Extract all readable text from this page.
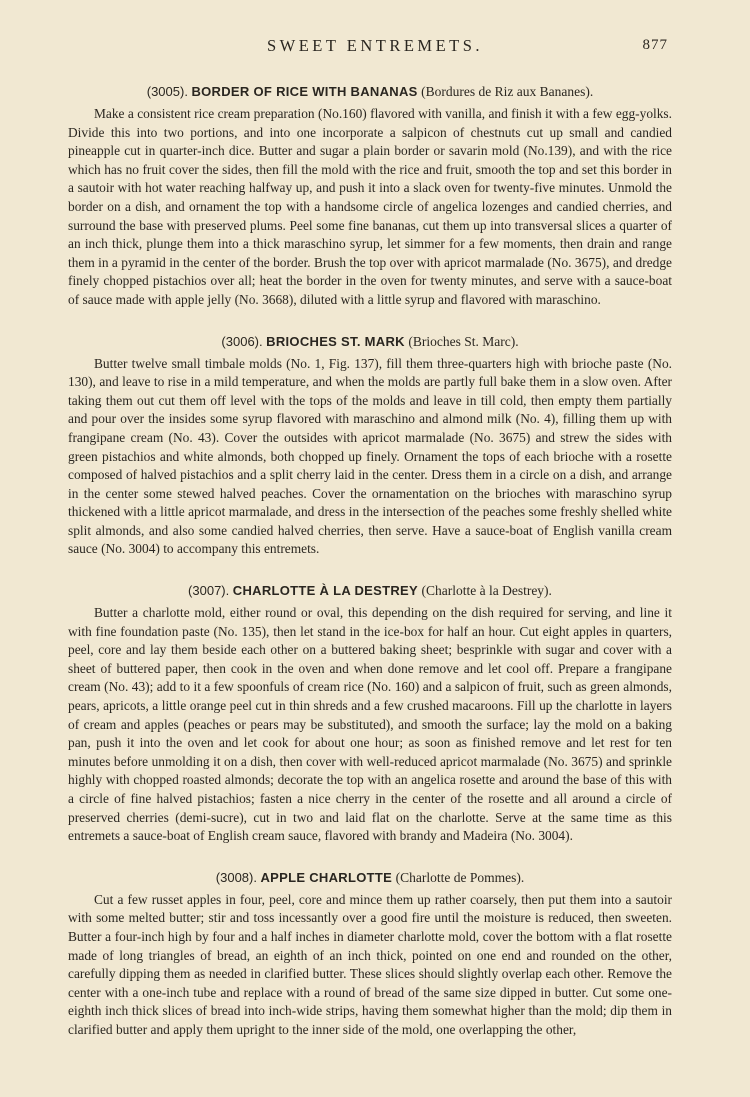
SWEET ENTREMETS.	877
(3005). BORDER OF RICE WITH BANANAS (Bordures de Riz aux Bananes).

Make a consistent rice cream preparation (No.160) flavored with vanilla, and finish it with a few egg-yolks. Divide this into two portions, and into one incorporate a salpicon of chestnuts cut up small and candied pineapple cut in quarter-inch dice. Butter and sugar a plain border or savarin mold (No.139), and with the rice which has no fruit cover the sides, then fill the mold with the rice and fruit, smooth the top and set this border in a sautoir with hot water reaching halfway up, and push it into a slack oven for twenty-five minutes. Unmold the border on a dish, and ornament the top with a handsome circle of angelica lozenges and candied cherries, and surround the base with preserved plums. Peel some fine bananas, cut them up into transversal slices a quarter of an inch thick, plunge them into a thick maraschino syrup, let simmer for a few moments, then drain and range them in a pyramid in the center of the border. Brush the top over with apricot marmalade (No. 3675), and dredge finely chopped pistachios over all; heat the border in the oven for twenty minutes, and serve with a sauce-boat of sauce made with apple jelly (No. 3668), diluted with a little syrup and flavored with maraschino.

(3006). BRIOCHES ST. MARK (Brioches St. Marc).

Butter twelve small timbale molds (No. 1, Fig. 137), fill them three-quarters high with brioche paste (No. 130), and leave to rise in a mild temperature, and when the molds are partly full bake them in a slow oven. After taking them out cut them off level with the tops of the molds and leave in till cold, then empty them partially and pour over the insides some syrup flavored with maraschino and almond milk (No. 4), filling them up with frangipane cream (No. 43). Cover the outsides with apricot marmalade (No. 3675) and strew the sides with green pistachios and white almonds, both chopped up finely. Ornament the tops of each brioche with a rosette composed of halved pistachios and a split cherry laid in the center. Dress them in a circle on a dish, and arrange in the center some stewed halved peaches. Cover the ornamentation on the brioches with maraschino syrup thickened with a little apricot marmalade, and dress in the intersection of the peaches some freshly shelled white split almonds, and also some candied halved cherries, then serve. Have a sauce-boat of English vanilla cream sauce (No. 3004) to accompany this entremets.

(3007). CHARLOTTE À LA DESTREY (Charlotte à la Destrey).

Butter a charlotte mold, either round or oval, this depending on the dish required for serving, and line it with fine foundation paste (No. 135), then let stand in the ice-box for half an hour. Cut eight apples in quarters, peel, core and lay them beside each other on a buttered baking sheet; besprinkle with sugar and cover with a sheet of buttered paper, then cook in the oven and when done remove and let cool off. Prepare a frangipane cream (No. 43); add to it a few spoonfuls of cream rice (No. 160) and a salpicon of fruit, such as green almonds, pears, apricots, a little orange peel cut in thin shreds and a few crushed macaroons. Fill up the charlotte in layers of cream and apples (peaches or pears may be substituted), and smooth the surface; lay the mold on a baking pan, push it into the oven and let cook for about one hour; as soon as finished remove and let rest for ten minutes before unmolding it on a dish, then cover with well-reduced apricot marmalade (No. 3675) and sprinkle highly with chopped roasted almonds; decorate the top with an angelica rosette and around the base of this with a circle of fine halved pistachios; fasten a nice cherry in the center of the rosette and all around a circle of preserved cherries (demi-sucre), cut in two and laid flat on the charlotte. Serve at the same time as this entremets a sauce-boat of English cream sauce, flavored with brandy and Madeira (No. 3004).

(3008). APPLE CHARLOTTE (Charlotte de Pommes).

Cut a few russet apples in four, peel, core and mince them up rather coarsely, then put them into a sautoir with some melted butter; stir and toss incessantly over a good fire until the moisture is reduced, then sweeten. Butter a four-inch high by four and a half inches in diameter charlotte mold, cover the bottom with a flat rosette made of long triangles of bread, an eighth of an inch thick, pointed on one end and rounded on the other, carefully dipping them as needed in clarified butter. These slices should slightly overlap each other. Remove the center with a one-inch tube and replace with a round of bread of the same size dipped in butter. Cut some one-eighth inch thick slices of bread into inch-wide strips, having them somewhat higher than the mold; dip them in clarified butter and apply them upright to the inner side of the mold, one overlapping the other,
